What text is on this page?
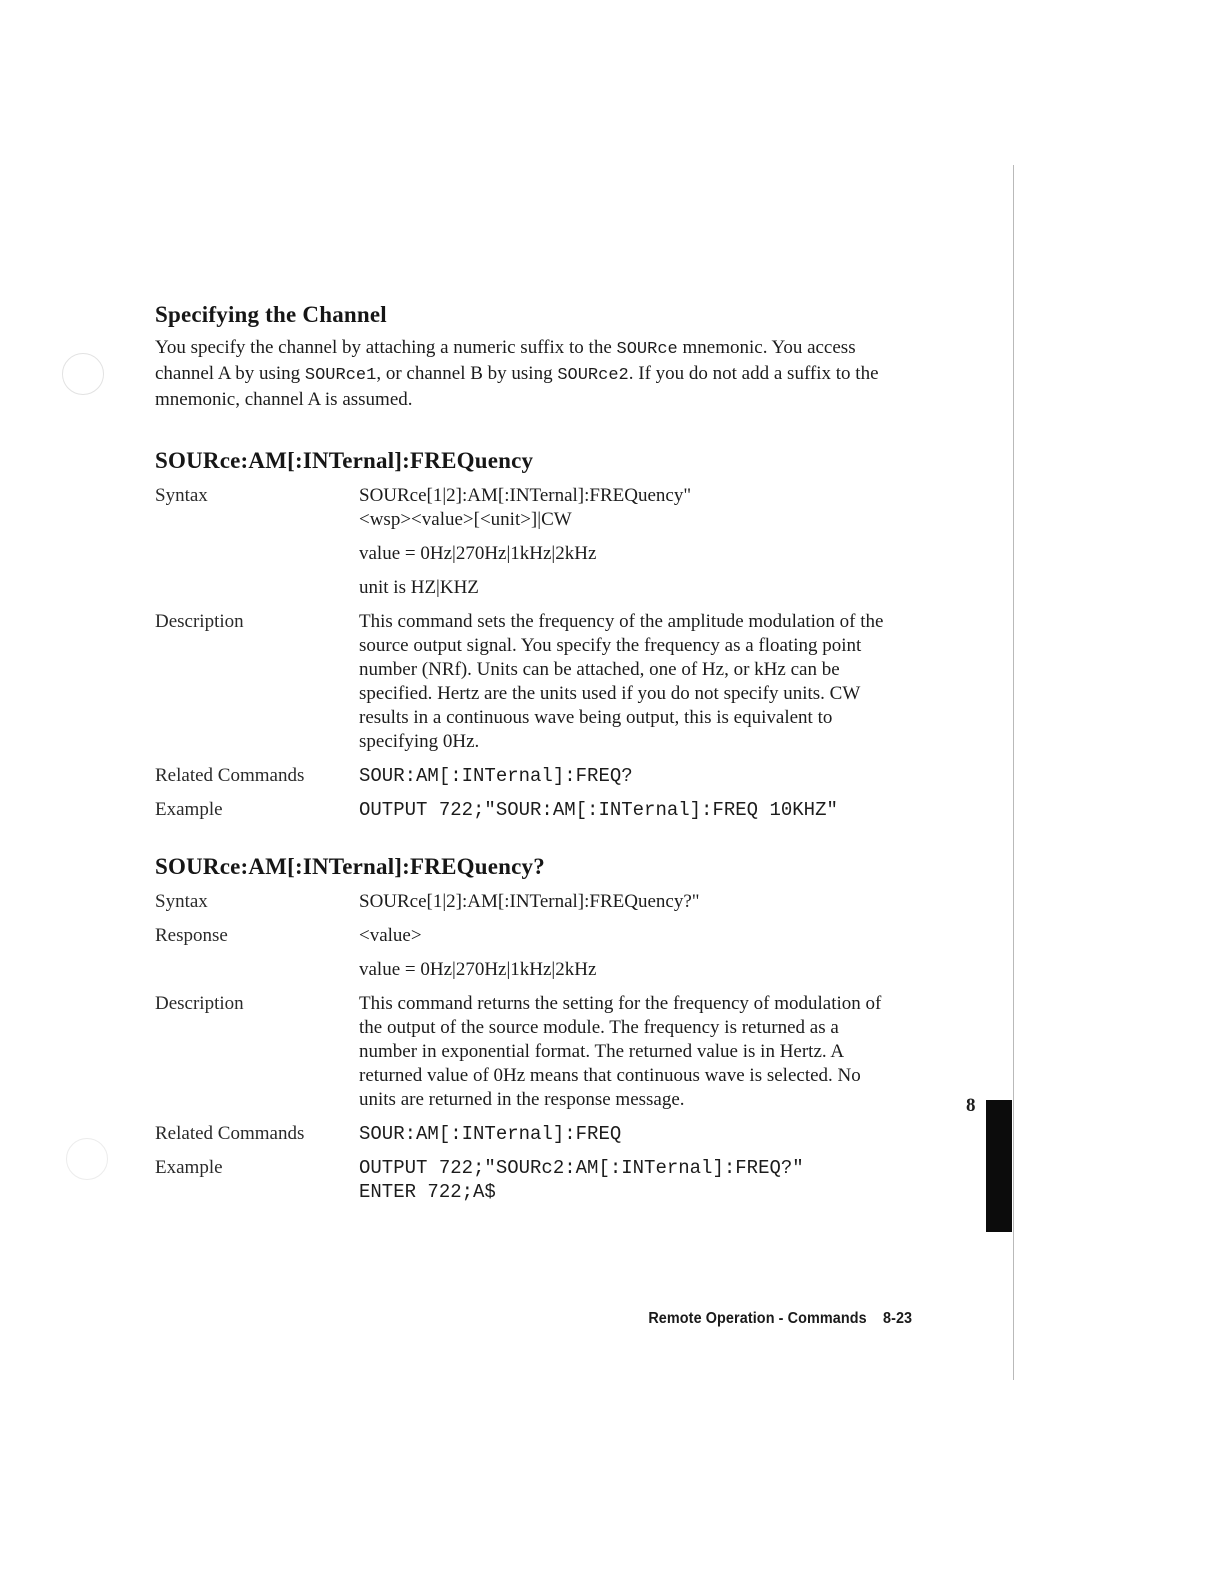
Specifying the Channel

You specify the channel by attaching a numeric suffix to the SOURce mnemonic. You access channel A by using SOURce1, or channel B by using SOURce2. If you do not add a suffix to the mnemonic, channel A is assumed.

SOURce:AM[:INTernal]:FREQuency
Syntax	SOURce[1|2]:AM[:INTernal]:FREQuency"
<wsp><value>[<unit>]|CW
value = 0Hz|270Hz|1kHz|2kHz
unit is HZ|KHZ
Description	This command sets the frequency of the amplitude modulation of the source output signal. You specify the frequency as a floating point number (NRf). Units can be attached, one of Hz, or kHz can be specified. Hertz are the units used if you do not specify units. CW results in a continuous wave being output, this is equivalent to specifying 0Hz.
Related Commands	SOUR:AM[:INTernal]:FREQ?
Example	OUTPUT 722;"SOUR:AM[:INTernal]:FREQ 10KHZ"
SOURce:AM[:INTernal]:FREQuency?
Syntax	SOURce[1|2]:AM[:INTernal]:FREQuency?"
Response	<value>
value = 0Hz|270Hz|1kHz|2kHz
Description	This command returns the setting for the frequency of modulation of the output of the source module. The frequency is returned as a number in exponential format. The returned value is in Hertz. A returned value of 0Hz means that continuous wave is selected. No units are returned in the response message.
Related Commands	SOUR:AM[:INTernal]:FREQ
Example	OUTPUT 722;"SOURc2:AM[:INTernal]:FREQ?"
ENTER 722;A$
Remote Operation - Commands 8-23
8
